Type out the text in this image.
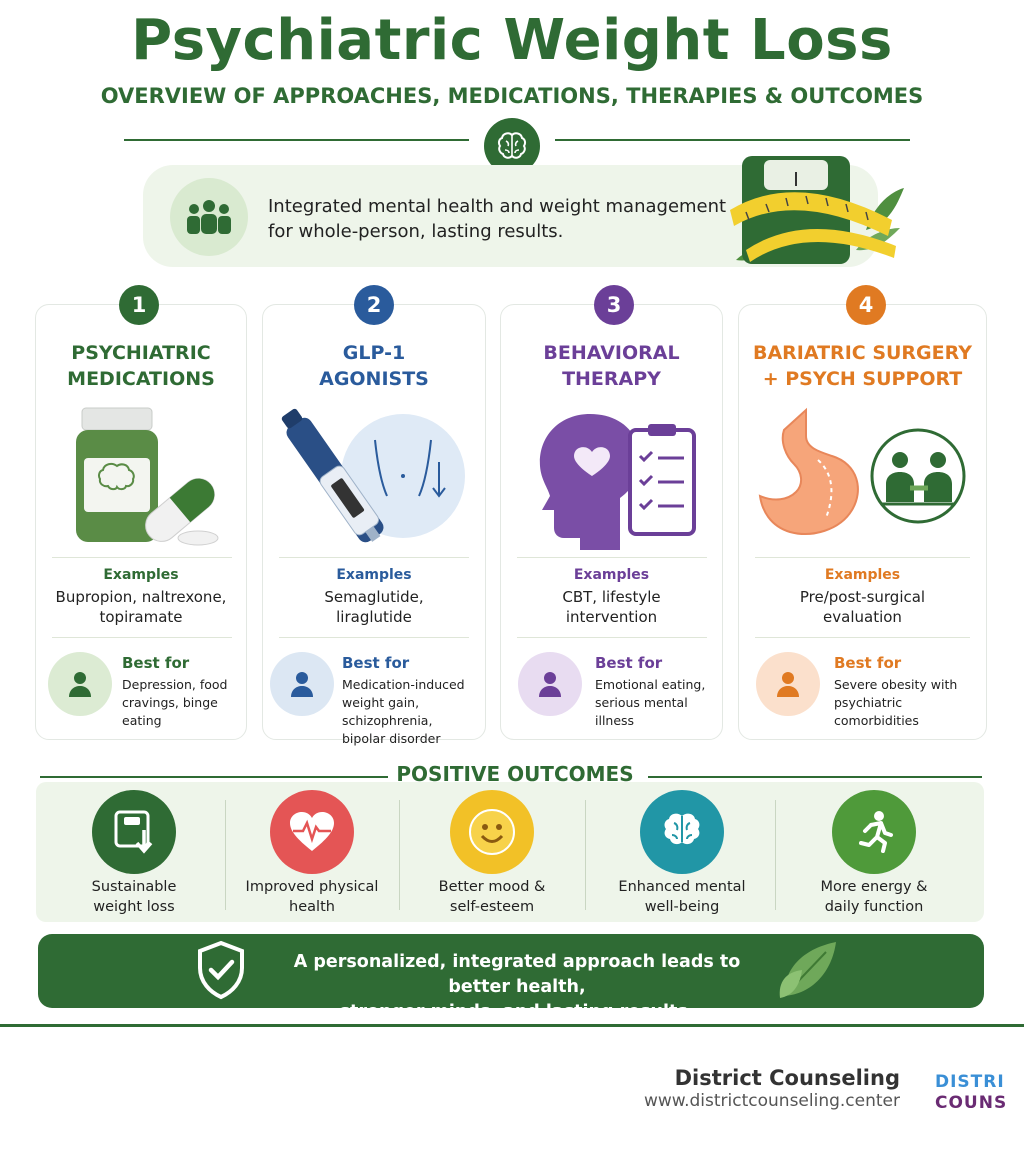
Psychiatric Weight Loss
OVERVIEW OF APPROACHES, MEDICATIONS, THERAPIES & OUTCOMES
Integrated mental health and weight management
for whole-person, lasting results.
1
PSYCHIATRIC
MEDICATIONS
Examples
Bupropion, naltrexone,
topiramate
Best for
Depression, food
cravings, binge eating
2
GLP-1
AGONISTS
Examples
Semaglutide,
liraglutide
Best for
Medication-induced
weight gain, schizophrenia,
bipolar disorder
3
BEHAVIORAL
THERAPY
Examples
CBT, lifestyle
intervention
Best for
Emotional eating,
serious mental
illness
4
BARIATRIC SURGERY
+ PSYCH SUPPORT
Examples
Pre/post-surgical
evaluation
Best for
Severe obesity with
psychiatric
comorbidities
POSITIVE OUTCOMES
Sustainable
weight loss
Improved physical
health
Better mood &
self-esteem
Enhanced mental
well-being
More energy &
daily function
A personalized, integrated approach leads to better health,
stronger minds, and lasting results.
District Counseling
www.districtcounseling.center
DISTRI
COUNS
